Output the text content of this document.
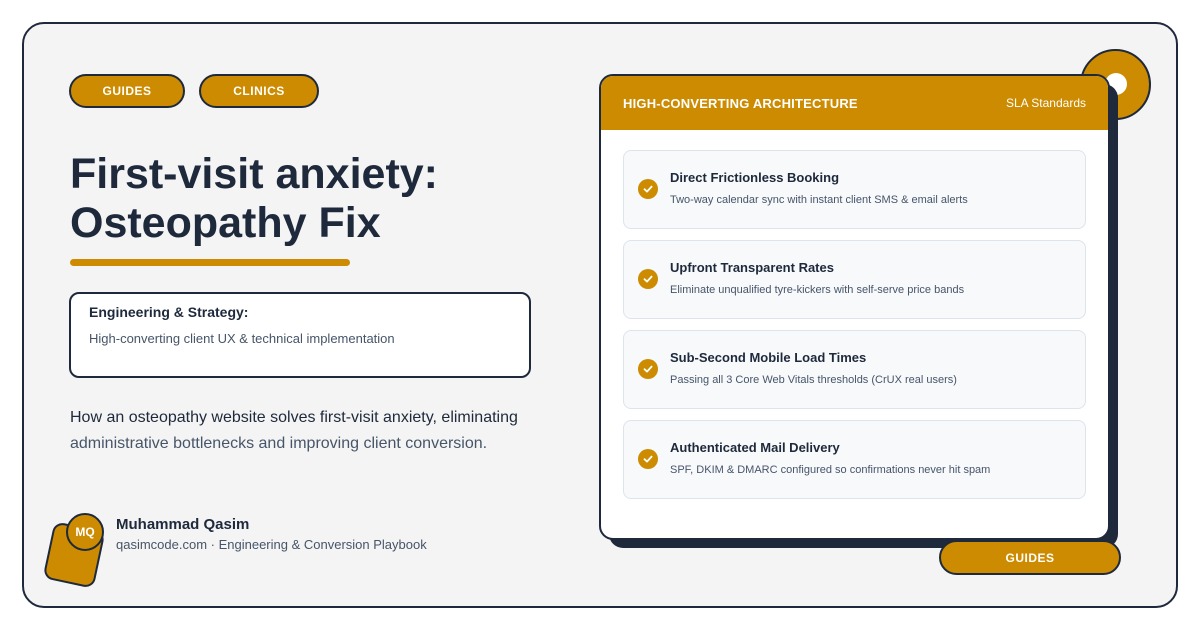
GUIDES	CLINICS
First-visit anxiety:
Osteopathy Fix
Engineering & Strategy:
High-converting client UX & technical implementation

How an osteopathy website solves first-visit anxiety, eliminating
administrative bottlenecks and improving client conversion.

MQ	Muhammad Qasim
qasimcode.com · Engineering & Conversion Playbook
HIGH-CONVERTING ARCHITECTURE	SLA Standards
Direct Frictionless Booking
Two-way calendar sync with instant client SMS & email alerts
Upfront Transparent Rates
Eliminate unqualified tyre-kickers with self-serve price bands
Sub-Second Mobile Load Times
Passing all 3 Core Web Vitals thresholds (CrUX real users)
Authenticated Mail Delivery
SPF, DKIM & DMARC configured so confirmations never hit spam
GUIDES
